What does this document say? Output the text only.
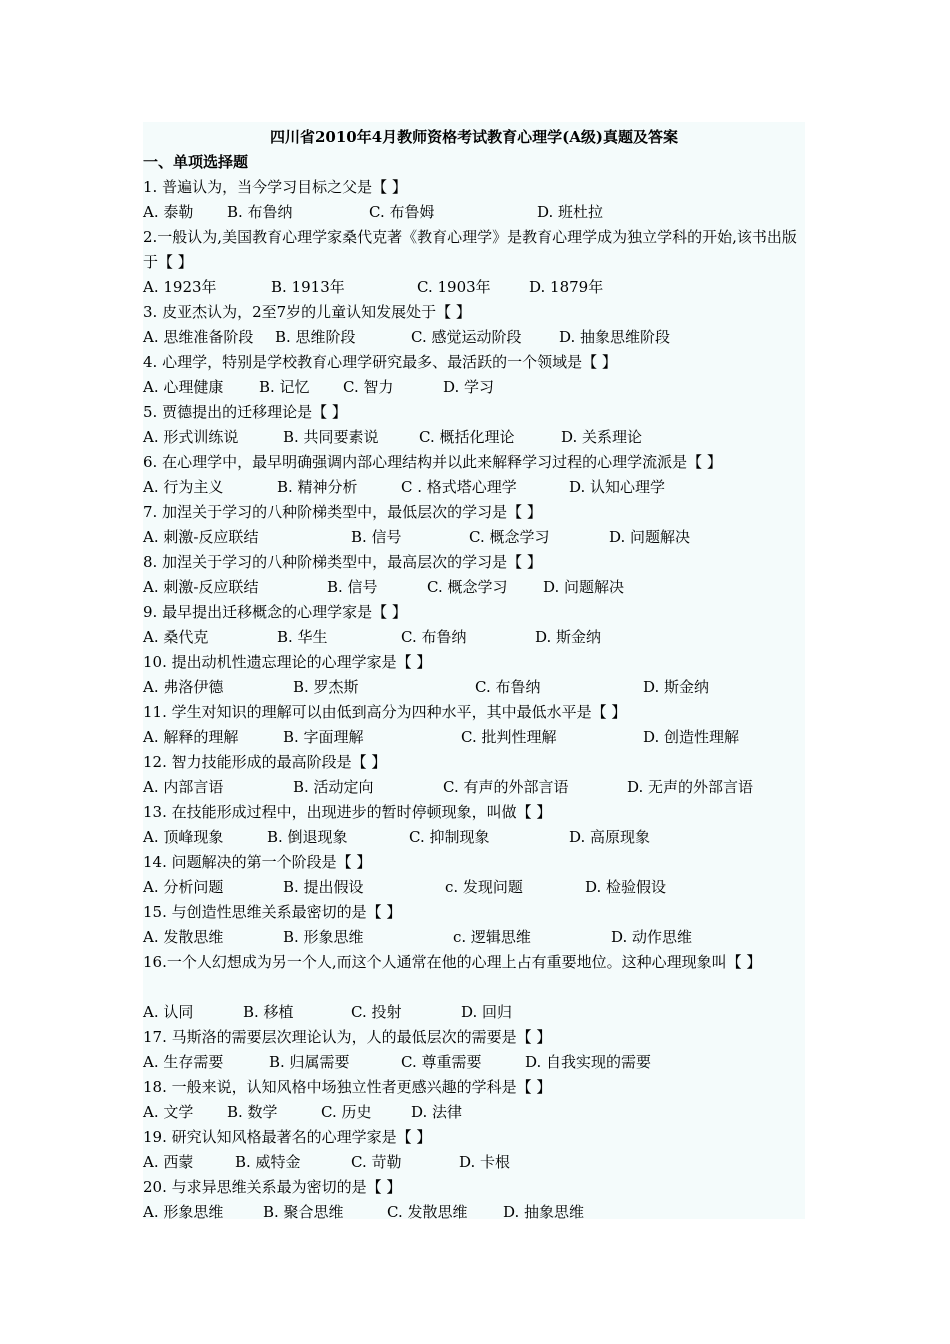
四川省2010年4月教师资格考试教育心理学(A级)真题及答案
一、单项选择题
1. 普遍认为，当今学习目标之父是【 】
A. 泰勒 B. 布鲁纳	C. 布鲁姆	D. 班杜拉
2.一般认为,美国教育心理学家桑代克著《教育心理学》是教育心理学成为独立学科的开始,该书出版于【 】
A. 1923年	B. 1913年	C. 1903年	D. 1879年
3. 皮亚杰认为，2至7岁的儿童认知发展处于【 】
A. 思维准备阶段 B. 思维阶段	C. 感觉运动阶段	D. 抽象思维阶段
4. 心理学，特别是学校教育心理学研究最多、最活跃的一个领域是【 】
A. 心理健康 B. 记忆 C. 智力	D. 学习
5. 贾德提出的迁移理论是【 】
A. 形式训练说	B. 共同要素说	C. 概括化理论	D. 关系理论
6. 在心理学中，最早明确强调内部心理结构并以此来解释学习过程的心理学流派是【 】
A. 行为主义	B. 精神分析	C . 格式塔心理学	D. 认知心理学
7. 加涅关于学习的八种阶梯类型中，最低层次的学习是【 】
A. 刺激-反应联结	B. 信号	C. 概念学习	D. 问题解决
8. 加涅关于学习的八种阶梯类型中，最高层次的学习是【 】
A. 刺激-反应联结	B. 信号	C. 概念学习 D. 问题解决
9. 最早提出迁移概念的心理学家是【 】
A. 桑代克	B. 华生	C. 布鲁纳	D. 斯金纳
10. 提出动机性遗忘理论的心理学家是【 】
A. 弗洛伊德	B. 罗杰斯	C. 布鲁纳	D. 斯金纳
11. 学生对知识的理解可以由低到高分为四种水平，其中最低水平是【 】
A. 解释的理解	B. 字面理解	C. 批判性理解	D. 创造性理解
12. 智力技能形成的最高阶段是【 】
A. 内部言语	B. 活动定向	C. 有声的外部言语	D. 无声的外部言语
13. 在技能形成过程中，出现进步的暂时停顿现象，叫做【 】
A. 顶峰现象	B. 倒退现象	C. 抑制现象	D. 高原现象
14. 问题解决的第一个阶段是【 】
A. 分析问题	B. 提出假设	c. 发现问题	D. 检验假设
15. 与创造性思维关系最密切的是【 】
A. 发散思维	B. 形象思维	c. 逻辑思维	D. 动作思维
16.一个人幻想成为另一个人,而这个人通常在他的心理上占有重要地位。这种心理现象叫【 】
A. 认同	B. 移植	C. 投射	D. 回归
17. 马斯洛的需要层次理论认为，人的最低层次的需要是【 】
A. 生存需要	B. 归属需要	C. 尊重需要	D. 自我实现的需要
18. 一般来说，认知风格中场独立性者更感兴趣的学科是【 】
A. 文学 B. 数学	C. 历史	D. 法律
19. 研究认知风格最著名的心理学家是【 】
A. 西蒙	B. 威特金	C. 苛勒	D. 卡根
20. 与求异思维关系最为密切的是【 】
A. 形象思维	B. 聚合思维	C. 发散思维 D. 抽象思维
